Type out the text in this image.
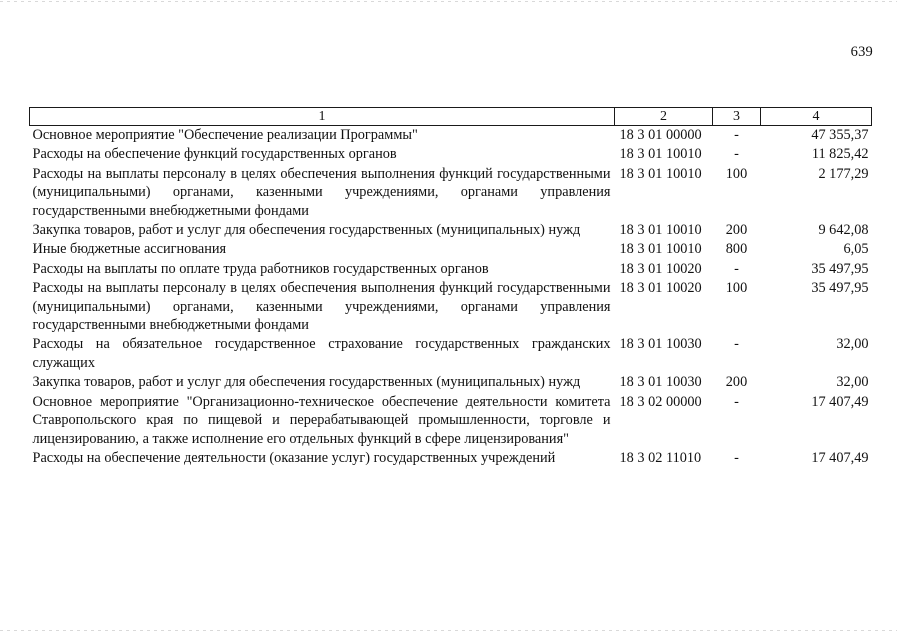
639
1	2	3	4
Основное мероприятие "Обеспечение реализации Программы"	18 3 01 00000	-	47 355,37
Расходы на обеспечение функций государственных органов	18 3 01 10010	-	11 825,42
Расходы на выплаты персоналу в целях обеспечения выполнения функций государственными (муниципальными) органами, казенными учреждениями, органами управления государственными внебюджетными фондами	18 3 01 10010	100	2 177,29
Закупка товаров, работ и услуг для обеспечения государственных (муниципальных) нужд	18 3 01 10010	200	9 642,08
Иные бюджетные ассигнования	18 3 01 10010	800	6,05
Расходы на выплаты по оплате труда работников государственных органов	18 3 01 10020	-	35 497,95
Расходы на выплаты персоналу в целях обеспечения выполнения функций государственными (муниципальными) органами, казенными учреждениями, органами управления государственными внебюджетными фондами	18 3 01 10020	100	35 497,95
Расходы на обязательное государственное страхование государственных гражданских служащих	18 3 01 10030	-	32,00
Закупка товаров, работ и услуг для обеспечения государственных (муниципальных) нужд	18 3 01 10030	200	32,00
Основное мероприятие "Организационно-техническое обеспечение деятельности комитета Ставропольского края по пищевой и перерабатывающей промышленности, торговле и лицензированию, а также исполнение его отдельных функций в сфере лицензирования"	18 3 02 00000	-	17 407,49
Расходы на обеспечение деятельности (оказание услуг) государственных учреждений	18 3 02 11010	-	17 407,49
